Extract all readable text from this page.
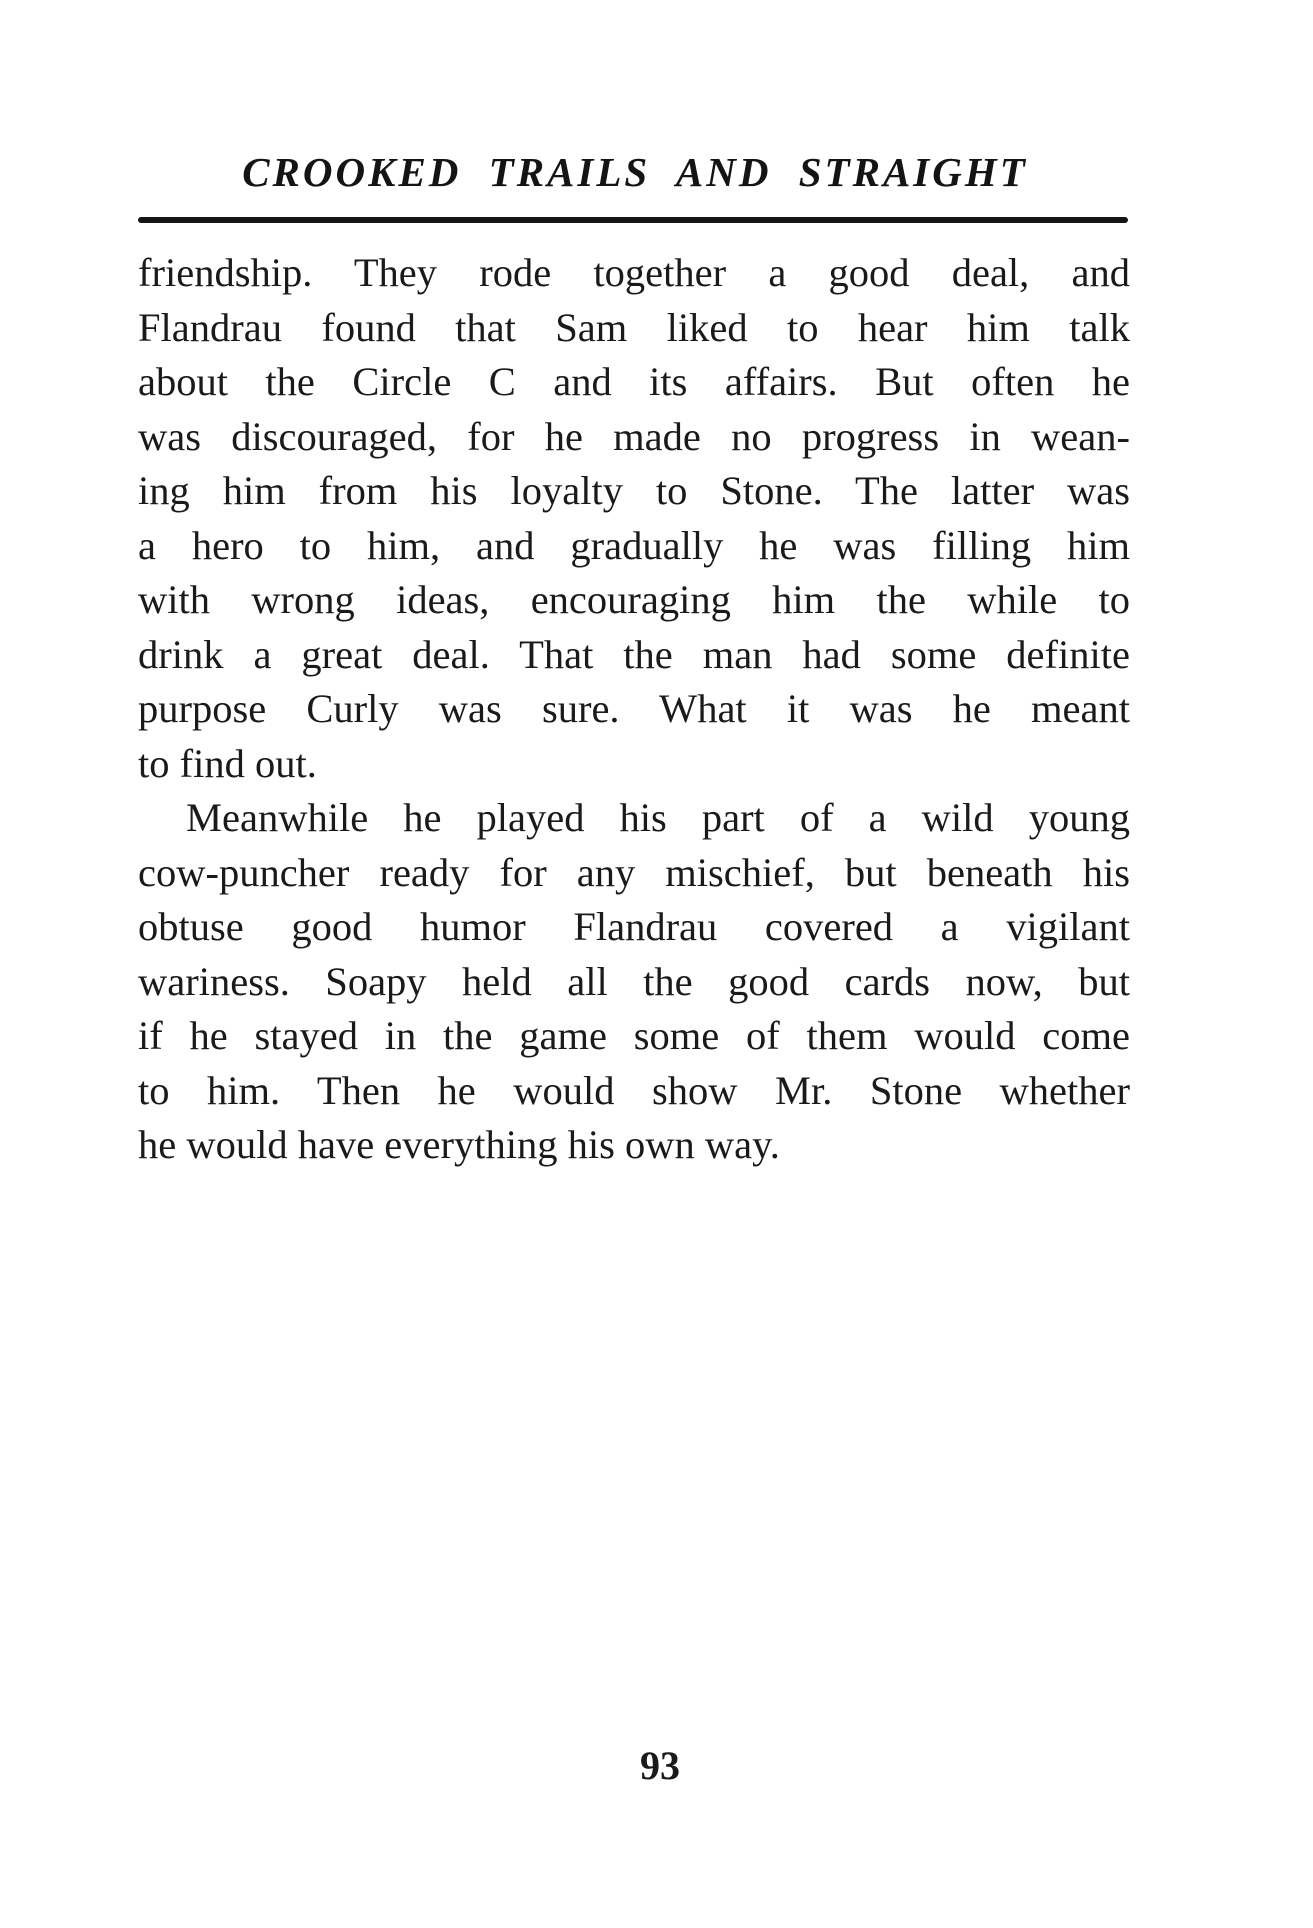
CROOKED TRAILS AND STRAIGHT
friendship. They rode together a good deal, and
Flandrau found that Sam liked to hear him talk
about the Circle C and its affairs. But often he
was discouraged, for he made no progress in wean-
ing him from his loyalty to Stone. The latter was
a hero to him, and gradually he was filling him
with wrong ideas, encouraging him the while to
drink a great deal. That the man had some definite
purpose Curly was sure. What it was he meant
to find out.
Meanwhile he played his part of a wild young
cow-puncher ready for any mischief, but beneath his
obtuse good humor Flandrau covered a vigilant
wariness. Soapy held all the good cards now, but
if he stayed in the game some of them would come
to him. Then he would show Mr. Stone whether
he would have everything his own way.
93
